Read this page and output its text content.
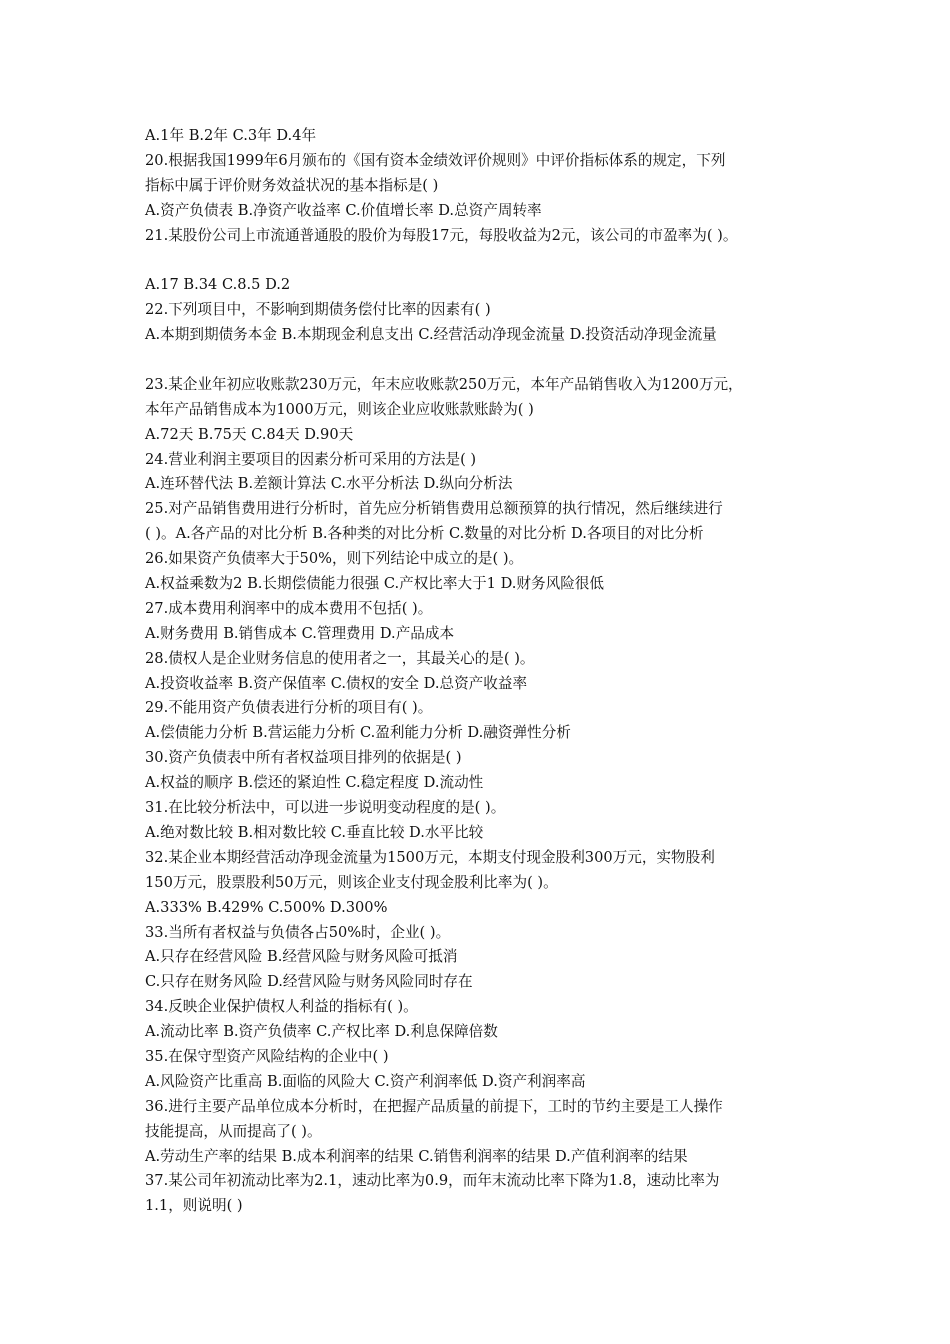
A.1年 B.2年 C.3年 D.4年
20.根据我国1999年6月颁布的《国有资本金绩效评价规则》中评价指标体系的规定，下列
指标中属于评价财务效益状况的基本指标是( )
A.资产负债表 B.净资产收益率 C.价值增长率 D.总资产周转率
21.某股份公司上市流通普通股的股价为每股17元，每股收益为2元，该公司的市盈率为( )。
A.17 B.34 C.8.5 D.2
22.下列项目中，不影响到期债务偿付比率的因素有( )
A.本期到期债务本金 B.本期现金利息支出 C.经营活动净现金流量 D.投资活动净现金流量
23.某企业年初应收账款230万元，年末应收账款250万元，本年产品销售收入为1200万元，
本年产品销售成本为1000万元，则该企业应收账款账龄为( )
A.72天 B.75天 C.84天 D.90天
24.营业利润主要项目的因素分析可采用的方法是( )
A.连环替代法 B.差额计算法 C.水平分析法 D.纵向分析法
25.对产品销售费用进行分析时，首先应分析销售费用总额预算的执行情况，然后继续进行
( )。A.各产品的对比分析 B.各种类的对比分析 C.数量的对比分析 D.各项目的对比分析
26.如果资产负债率大于50%，则下列结论中成立的是( )。
A.权益乘数为2 B.长期偿债能力很强 C.产权比率大于1 D.财务风险很低
27.成本费用利润率中的成本费用不包括( )。
A.财务费用 B.销售成本 C.管理费用 D.产品成本
28.债权人是企业财务信息的使用者之一，其最关心的是( )。
A.投资收益率 B.资产保值率 C.债权的安全 D.总资产收益率
29.不能用资产负债表进行分析的项目有( )。
A.偿债能力分析 B.营运能力分析 C.盈利能力分析 D.融资弹性分析
30.资产负债表中所有者权益项目排列的依据是( )
A.权益的顺序 B.偿还的紧迫性 C.稳定程度 D.流动性
31.在比较分析法中，可以进一步说明变动程度的是( )。
A.绝对数比较 B.相对数比较 C.垂直比较 D.水平比较
32.某企业本期经营活动净现金流量为1500万元，本期支付现金股利300万元，实物股利
150万元，股票股利50万元，则该企业支付现金股利比率为( )。
A.333% B.429% C.500% D.300%
33.当所有者权益与负债各占50%时，企业( )。
A.只存在经营风险 B.经营风险与财务风险可抵消
C.只存在财务风险 D.经营风险与财务风险同时存在
34.反映企业保护债权人利益的指标有( )。
A.流动比率 B.资产负债率 C.产权比率 D.利息保障倍数
35.在保守型资产风险结构的企业中( )
A.风险资产比重高 B.面临的风险大 C.资产利润率低 D.资产利润率高
36.进行主要产品单位成本分析时，在把握产品质量的前提下，工时的节约主要是工人操作
技能提高，从而提高了( )。
A.劳动生产率的结果 B.成本利润率的结果 C.销售利润率的结果 D.产值利润率的结果
37.某公司年初流动比率为2.1，速动比率为0.9，而年末流动比率下降为1.8，速动比率为
1.1，则说明( )
